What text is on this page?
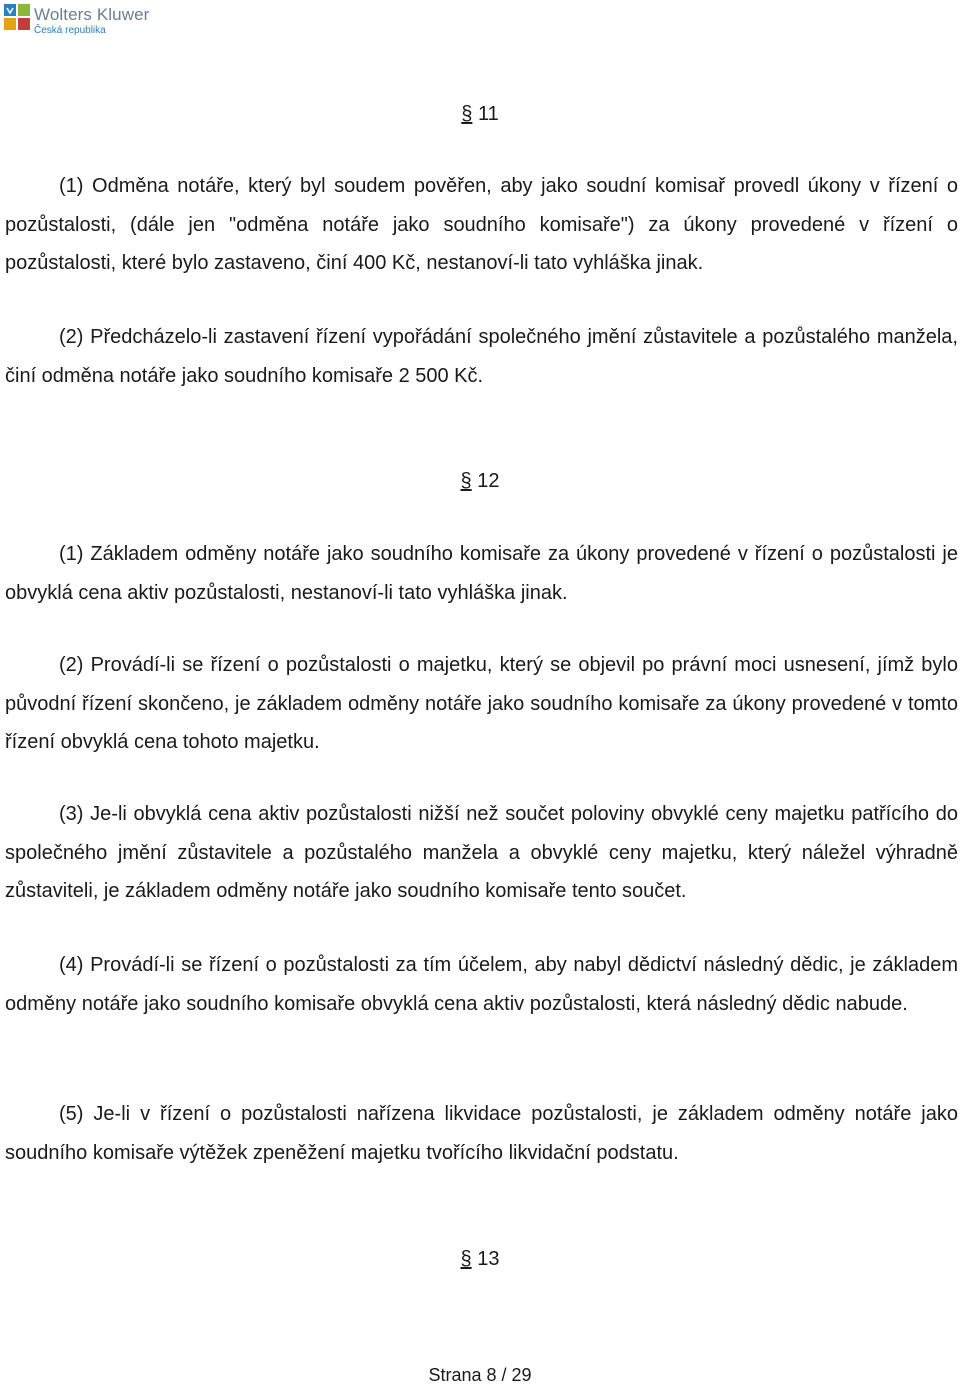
Wolters Kluwer
Česká republika
§ 11

(1) Odměna notáře, který byl soudem pověřen, aby jako soudní komisař provedl úkony v řízení o pozůstalosti, (dále jen "odměna notáře jako soudního komisaře") za úkony provedené v řízení o pozůstalosti, které bylo zastaveno, činí 400 Kč, nestanoví-li tato vyhláška jinak.

(2) Předcházelo-li zastavení řízení vypořádání společného jmění zůstavitele a pozůstalého manžela, činí odměna notáře jako soudního komisaře 2 500 Kč.

§ 12

(1) Základem odměny notáře jako soudního komisaře za úkony provedené v řízení o pozůstalosti je obvyklá cena aktiv pozůstalosti, nestanoví-li tato vyhláška jinak.

(2) Provádí-li se řízení o pozůstalosti o majetku, který se objevil po právní moci usnesení, jímž bylo původní řízení skončeno, je základem odměny notáře jako soudního komisaře za úkony provedené v tomto řízení obvyklá cena tohoto majetku.

(3) Je-li obvyklá cena aktiv pozůstalosti nižší než součet poloviny obvyklé ceny majetku patřícího do společného jmění zůstavitele a pozůstalého manžela a obvyklé ceny majetku, který náležel výhradně zůstaviteli, je základem odměny notáře jako soudního komisaře tento součet.

(4) Provádí-li se řízení o pozůstalosti za tím účelem, aby nabyl dědictví následný dědic, je základem odměny notáře jako soudního komisaře obvyklá cena aktiv pozůstalosti, která následný dědic nabude.

(5) Je-li v řízení o pozůstalosti nařízena likvidace pozůstalosti, je základem odměny notáře jako soudního komisaře výtěžek zpeněžení majetku tvořícího likvidační podstatu.

§ 13
Strana 8 / 29
